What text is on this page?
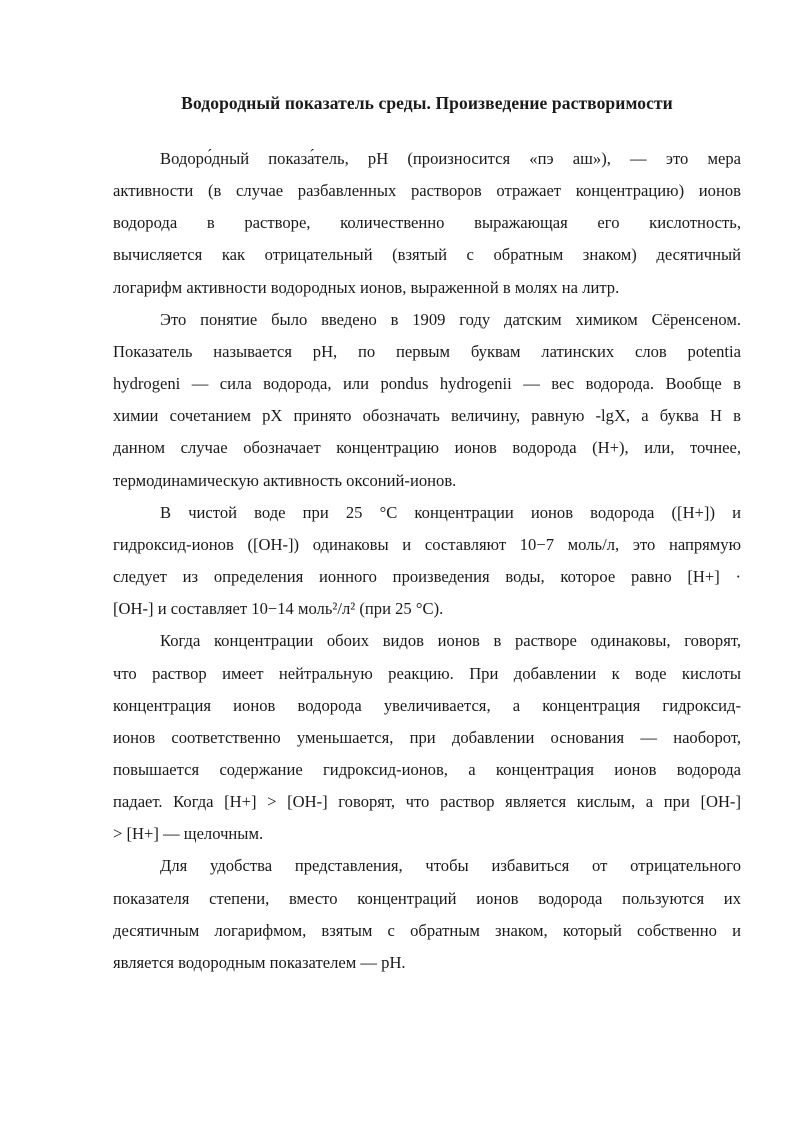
Водородный показатель среды. Произведение растворимости

Водоро́дный показа́тель, pH (произносится «пэ аш»), — это мера
активности (в случае разбавленных растворов отражает концентрацию) ионов
водорода в растворе, количественно выражающая его кислотность,
вычисляется как отрицательный (взятый с обратным знаком) десятичный
логарифм активности водородных ионов, выраженной в молях на литр.

Это понятие было введено в 1909 году датским химиком Сёренсеном.
Показатель называется pH, по первым буквам латинских слов potentia
hydrogeni — сила водорода, или pondus hydrogenii — вес водорода. Вообще в
химии сочетанием pX принято обозначать величину, равную -lgX, а буква H в
данном случае обозначает концентрацию ионов водорода (H+), или, точнее,
термодинамическую активность оксоний-ионов.

В чистой воде при 25 °C концентрации ионов водорода ([H+]) и
гидроксид-ионов ([OH-]) одинаковы и составляют 10−7 моль/л, это напрямую
следует из определения ионного произведения воды, которое равно [H+] ·
[OH-] и составляет 10−14 моль²/л² (при 25 °C).

Когда концентрации обоих видов ионов в растворе одинаковы, говорят,
что раствор имеет нейтральную реакцию. При добавлении к воде кислоты
концентрация ионов водорода увеличивается, а концентрация гидроксид-
ионов соответственно уменьшается, при добавлении основания — наоборот,
повышается содержание гидроксид-ионов, а концентрация ионов водорода
падает. Когда [H+] > [OH-] говорят, что раствор является кислым, а при [OH-]
> [H+] — щелочным.

Для удобства представления, чтобы избавиться от отрицательного
показателя степени, вместо концентраций ионов водорода пользуются их
десятичным логарифмом, взятым с обратным знаком, который собственно и
является водородным показателем — pH.
